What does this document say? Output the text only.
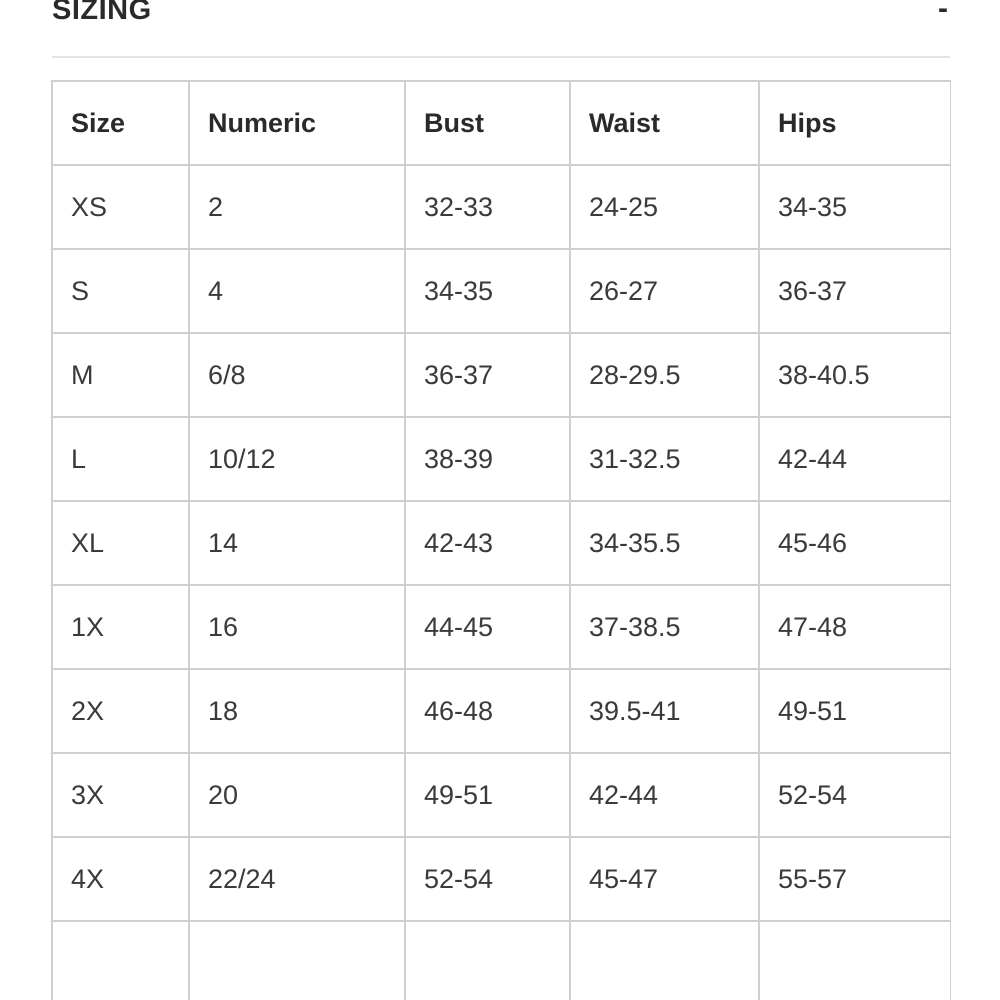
SIZING	-
Size	Numeric	Bust	Waist	Hips
XS	2	32-33	24-25	34-35
S	4	34-35	26-27	36-37
M	6/8	36-37	28-29.5	38-40.5
L	10/12	38-39	31-32.5	42-44
XL	14	42-43	34-35.5	45-46
1X	16	44-45	37-38.5	47-48
2X	18	46-48	39.5-41	49-51
3X	20	49-51	42-44	52-54
4X	22/24	52-54	45-47	55-57
